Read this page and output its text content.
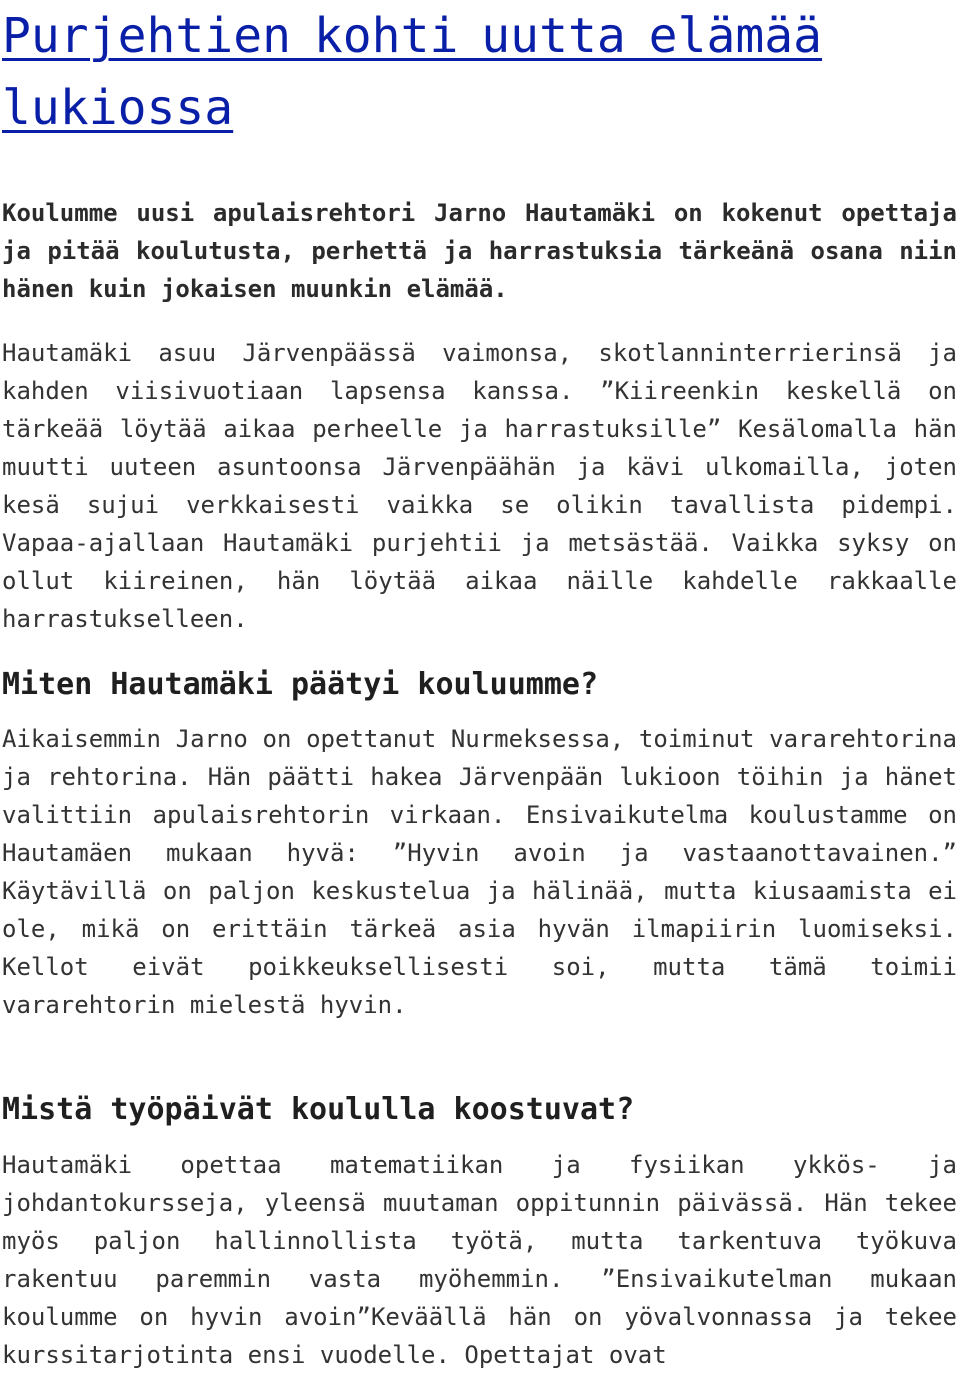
Purjehtien kohti uutta elämää lukiossa

Koulumme uusi apulaisrehtori Jarno Hautamäki on kokenut opettaja ja pitää koulutusta, perhettä ja harrastuksia tärkeänä osana niin hänen kuin jokaisen muunkin elämää.

Hautamäki asuu Järvenpäässä vaimonsa, skotlanninterrierinsä ja kahden viisivuotiaan lapsensa kanssa. ”Kiireenkin keskellä on tärkeää löytää aikaa perheelle ja harrastuksille” Kesälomalla hän muutti uuteen asuntoonsa Järvenpäähän ja kävi ulkomailla, joten kesä sujui verkkaisesti vaikka se olikin tavallista pidempi. Vapaa-ajallaan Hautamäki purjehtii ja metsästää. Vaikka syksy on ollut kiireinen, hän löytää aikaa näille kahdelle rakkaalle harrastukselleen.

Miten Hautamäki päätyi kouluumme?

Aikaisemmin Jarno on opettanut Nurmeksessa, toiminut vararehtorina ja rehtorina. Hän päätti hakea Järvenpään lukioon töihin ja hänet valittiin apulaisrehtorin virkaan. Ensivaikutelma koulustamme on Hautamäen mukaan hyvä: ”Hyvin avoin ja vastaanottavainen.” Käytävillä on paljon keskustelua ja hälinää, mutta kiusaamista ei ole, mikä on erittäin tärkeä asia hyvän ilmapiirin luomiseksi. Kellot eivät poikkeuksellisesti soi, mutta tämä toimii vararehtorin mielestä hyvin.

Mistä työpäivät koululla koostuvat?

Hautamäki opettaa matematiikan ja fysiikan ykkös- ja johdantokursseja, yleensä muutaman oppitunnin päivässä. Hän tekee myös paljon hallinnollista työtä, mutta tarkentuva työkuva rakentuu paremmin vasta myöhemmin. ”Ensivaikutelman mukaan koulumme on hyvin avoin”Keväällä hän on yövalvonnassa ja tekee kurssitarjotinta ensi vuodelle. Opettajat ovat
